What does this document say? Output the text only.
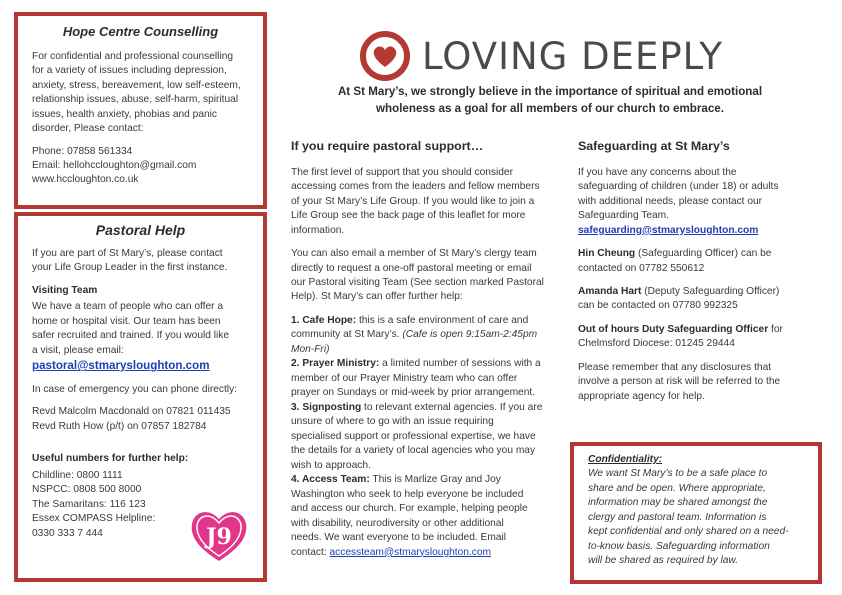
LOVING DEEPLY
At St Mary’s, we strongly believe in the importance of spiritual and emotional
wholeness as a goal for all members of our church to embrace.
Hope Centre Counselling
For confidential and professional counselling
for a variety of issues including depression,
anxiety, stress, bereavement, low self-esteem,
relationship issues, abuse, self-harm, spiritual
issues, health anxiety, phobias and panic
disorder, Please contact:
Phone: 07858 561334
Email: hellohccloughton@gmail.com
www.hccloughton.co.uk
Pastoral Help
If you are part of St Mary’s, please contact
your Life Group Leader in the first instance.
Visiting Team
We have a team of people who can offer a
home or hospital visit. Our team has been
safer recruited and trained. If you would like
a visit, please email:
pastoral@stmarysloughton.com
In case of emergency you can phone directly:
Revd Malcolm Macdonald on 07821 011435
Revd Ruth How (p/t) on 07857 182784
Useful numbers for further help:
Childline: 0800 1111
NSPCC: 0808 500 8000
The Samaritans: 116 123
Essex COMPASS Helpline:
0330 333 7 444	J9
If you require pastoral support…
The first level of support that you should consider
accessing comes from the leaders and fellow members
of your St Mary’s Life Group. If you would like to join a
Life Group see the back page of this leaflet for more
information.
You can also email a member of St Mary’s clergy team
directly to request a one-off pastoral meeting or email
our Pastoral visiting Team (See section marked Pastoral
Help). St Mary’s can offer further help:
1. Cafe Hope: this is a safe environment of care and
community at St Mary’s. (Cafe is open 9:15am-2:45pm
Mon-Fri)
2. Prayer Ministry: a limited number of sessions with a
member of our Prayer Ministry team who can offer
prayer on Sundays or mid-week by prior arrangement.
3. Signposting to relevant external agencies. If you are
unsure of where to go with an issue requiring
specialised support or professional expertise, we have
the details for a variety of local agencies who you may
wish to approach.
4. Access Team: This is Marlize Gray and Joy
Washington who seek to help everyone be included
and access our church. For example, helping people
with disability, neurodiversity or other additional
needs. We want everyone to be included. Email
contact: accessteam@stmarysloughton.com
Safeguarding at St Mary’s
If you have any concerns about the
safeguarding of children (under 18) or adults
with additional needs, please contact our
Safeguarding Team.
safeguarding@stmarysloughton.com
Hin Cheung (Safeguarding Officer) can be
contacted on 07782 550612
Amanda Hart (Deputy Safeguarding Officer)
can be contacted on 07780 992325
Out of hours Duty Safeguarding Officer for
Chelmsford Diocese: 01245 29444
Please remember that any disclosures that
involve a person at risk will be referred to the
appropriate agency for help.
Confidentiality:
We want St Mary’s to be a safe place to
share and be open. Where appropriate,
information may be shared amongst the
clergy and pastoral team. Information is
kept confidential and only shared on a need-
to-know basis. Safeguarding information
will be shared as required by law.
